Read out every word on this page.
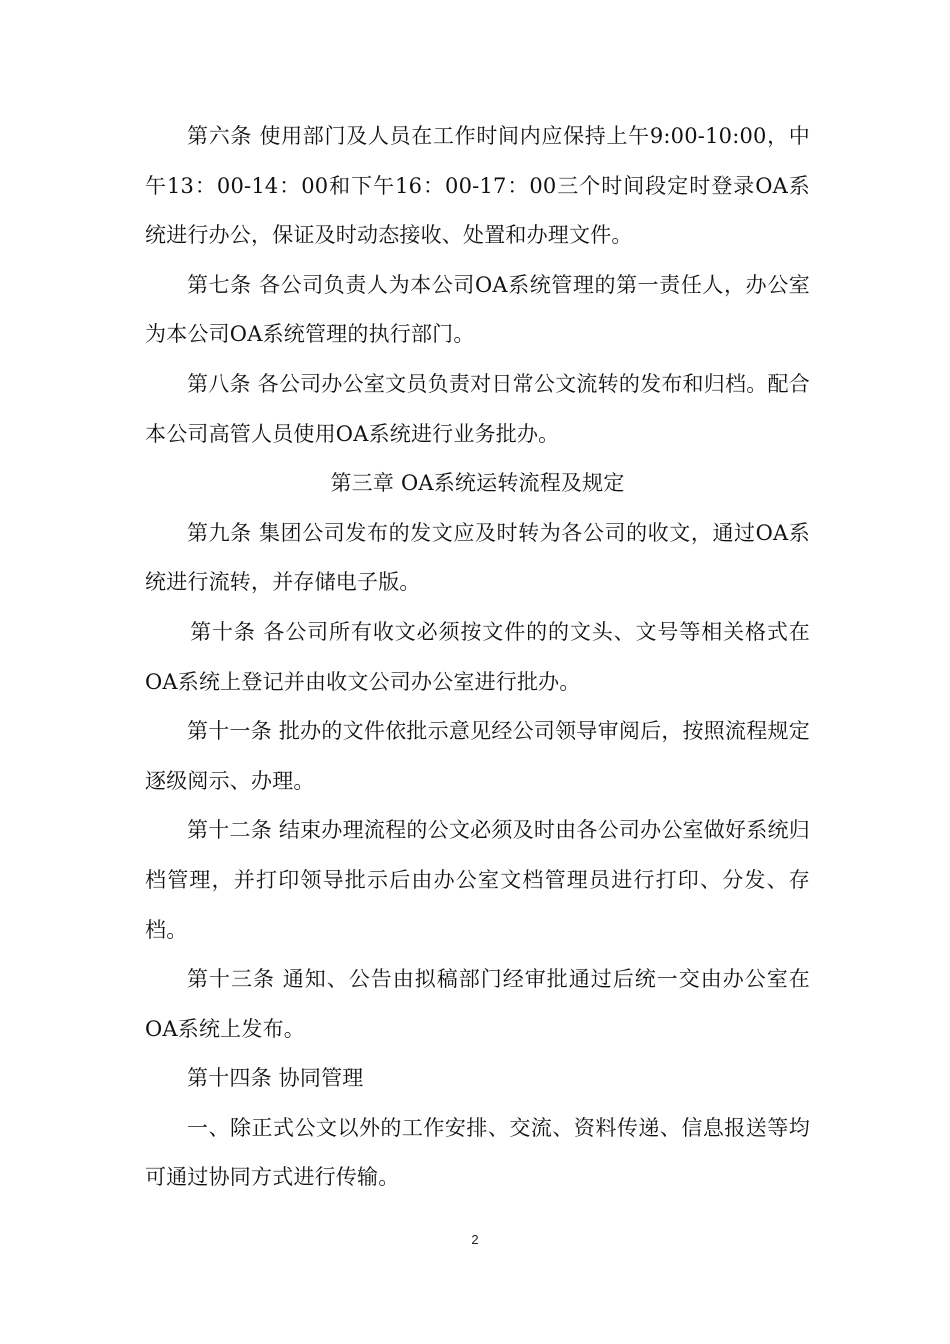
第六条 使用部门及人员在工作时间内应保持上午9:00-10:00，中午13：00-14：00和下午16：00-17：00三个时间段定时登录OA系统进行办公，保证及时动态接收、处置和办理文件。

第七条 各公司负责人为本公司OA系统管理的第一责任人，办公室为本公司OA系统管理的执行部门。

第八条 各公司办公室文员负责对日常公文流转的发布和归档。配合本公司高管人员使用OA系统进行业务批办。

第三章 OA系统运转流程及规定

第九条 集团公司发布的发文应及时转为各公司的收文，通过OA系统进行流转，并存储电子版。

第十条 各公司所有收文必须按文件的的文头、文号等相关格式在OA系统上登记并由收文公司办公室进行批办。

第十一条 批办的文件依批示意见经公司领导审阅后，按照流程规定逐级阅示、办理。

第十二条 结束办理流程的公文必须及时由各公司办公室做好系统归档管理，并打印领导批示后由办公室文档管理员进行打印、分发、存档。

第十三条 通知、公告由拟稿部门经审批通过后统一交由办公室在OA系统上发布。

第十四条 协同管理

一、除正式公文以外的工作安排、交流、资料传递、信息报送等均可通过协同方式进行传输。

2
